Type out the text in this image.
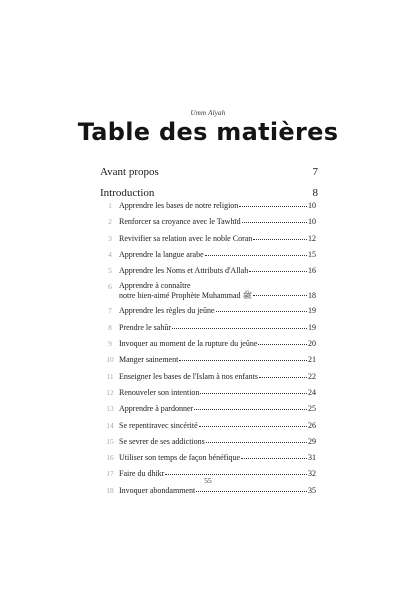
Umm Alyah
Table des matières
Avant propos	7
Introduction	8
1 Apprendre les bases de notre religion	10
2 Renforcer sa croyance avec le Tawhīd	10
3 Revivifier sa relation avec le noble Coran	12
4 Apprendre la langue arabe	15
5 Apprendre les Noms et Attributs d'Allah	16
6 Apprendre à connaître
notre bien-aimé Prophète Muhammad ﷺ	18
7 Apprendre les règles du jeûne	19
8 Prendre le sahūr	19
9 Invoquer au moment de la rupture du jeûne	20
10 Manger sainement	21
11 Enseigner les bases de l'Islam à nos enfants	22
12 Renouveler son intention	24
13 Apprendre à pardonner	25
14 Se repentiravec sincérité	26
15 Se sevrer de ses addictions	29
16 Utiliser son temps de façon bénéfique	31
17 Faire du dhikr	32
18 Invoquer abondamment	35
55
